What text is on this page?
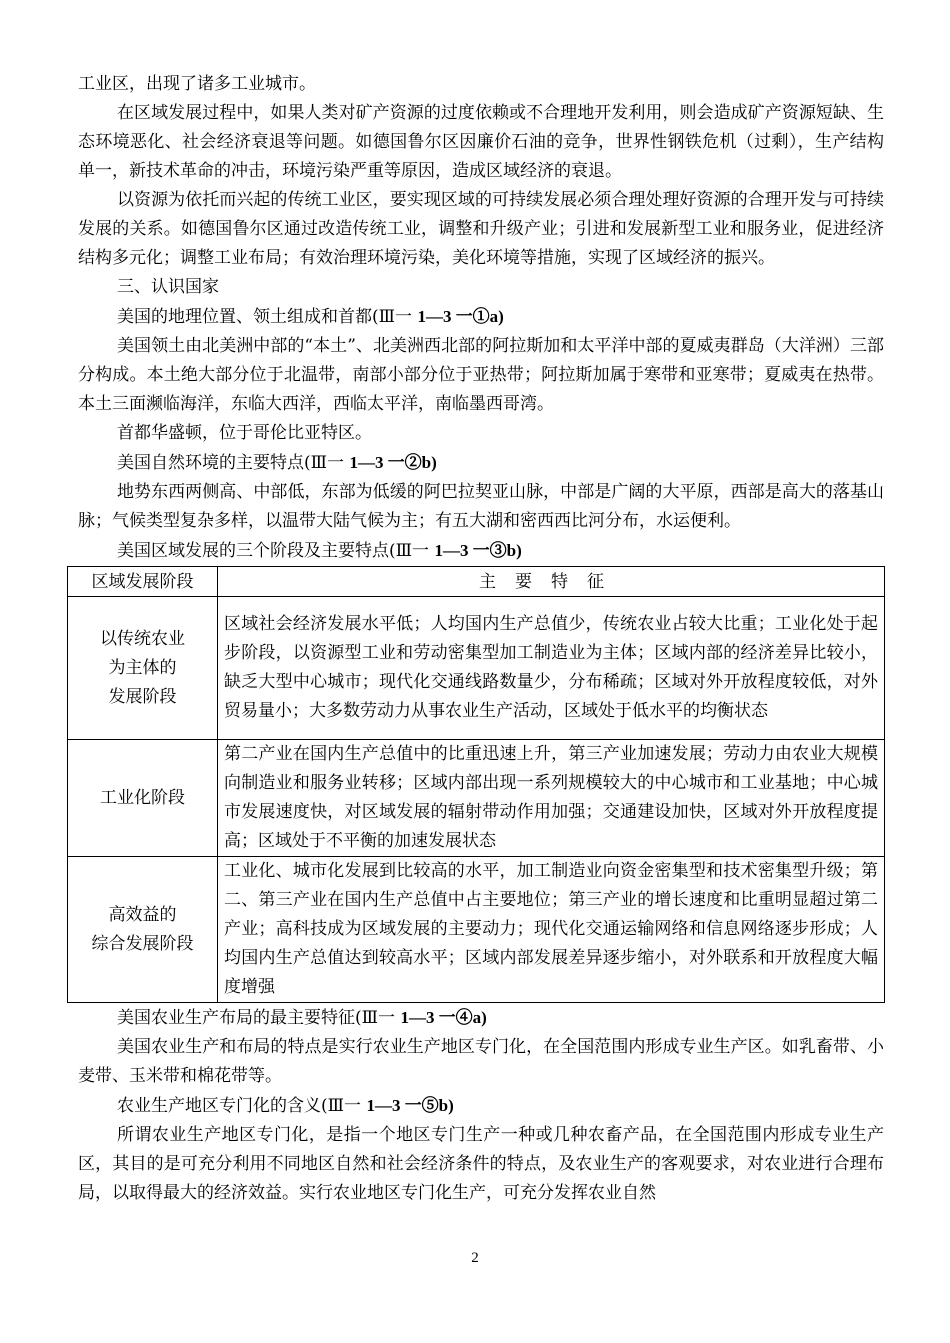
工业区，出现了诸多工业城市。

在区域发展过程中，如果人类对矿产资源的过度依赖或不合理地开发利用，则会造成矿产资源短缺、生态环境恶化、社会经济衰退等问题。如德国鲁尔区因廉价石油的竞争，世界性钢铁危机（过剩），生产结构单一，新技术革命的冲击，环境污染严重等原因，造成区域经济的衰退。

以资源为依托而兴起的传统工业区，要实现区域的可持续发展必须合理处理好资源的合理开发与可持续发展的关系。如德国鲁尔区通过改造传统工业，调整和升级产业；引进和发展新型工业和服务业，促进经济结构多元化；调整工业布局；有效治理环境污染，美化环境等措施，实现了区域经济的振兴。

三、认识国家

美国的地理位置、领土组成和首都(Ⅲ一 1—3 一①a)

美国领土由北美洲中部的“本土”、北美洲西北部的阿拉斯加和太平洋中部的夏威夷群岛（大洋洲）三部分构成。本土绝大部分位于北温带，南部小部分位于亚热带；阿拉斯加属于寒带和亚寒带；夏威夷在热带。本土三面濒临海洋，东临大西洋，西临太平洋，南临墨西哥湾。

首都华盛顿，位于哥伦比亚特区。

美国自然环境的主要特点(Ⅲ一 1—3 一②b)

地势东西两侧高、中部低，东部为低缓的阿巴拉契亚山脉，中部是广阔的大平原，西部是高大的落基山脉；气候类型复杂多样，以温带大陆气候为主；有五大湖和密西西比河分布，水运便利。

美国区域发展的三个阶段及主要特点(Ⅲ一 1—3 一③b)

区域发展阶段	主要特征

以传统农业
为主体的
发展阶段	区域社会经济发展水平低；人均国内生产总值少，传统农业占较大比重；工业化处于起步阶段，以资源型工业和劳动密集型加工制造业为主体；区域内部的经济差异比较小，缺乏大型中心城市；现代化交通线路数量少，分布稀疏；区域对外开放程度较低，对外贸易量小；大多数劳动力从事农业生产活动，区域处于低水平的均衡状态

工业化阶段	第二产业在国内生产总值中的比重迅速上升，第三产业加速发展；劳动力由农业大规模向制造业和服务业转移；区域内部出现一系列规模较大的中心城市和工业基地；中心城市发展速度快，对区域发展的辐射带动作用加强；交通建设加快，区域对外开放程度提高；区域处于不平衡的加速发展状态

高效益的
综合发展阶段	工业化、城市化发展到比较高的水平，加工制造业向资金密集型和技术密集型升级；第二、第三产业在国内生产总值中占主要地位；第三产业的增长速度和比重明显超过第二产业；高科技成为区域发展的主要动力；现代化交通运输网络和信息网络逐步形成；人均国内生产总值达到较高水平；区域内部发展差异逐步缩小，对外联系和开放程度大幅度增强

美国农业生产布局的最主要特征(Ⅲ一 1—3 一④a)

美国农业生产和布局的特点是实行农业生产地区专门化，在全国范围内形成专业生产区。如乳畜带、小麦带、玉米带和棉花带等。

农业生产地区专门化的含义(Ⅲ一 1—3 一⑤b)

所谓农业生产地区专门化，是指一个地区专门生产一种或几种农畜产品，在全国范围内形成专业生产区，其目的是可充分利用不同地区自然和社会经济条件的特点，及农业生产的客观要求，对农业进行合理布局，以取得最大的经济效益。实行农业地区专门化生产，可充分发挥农业自然

2
